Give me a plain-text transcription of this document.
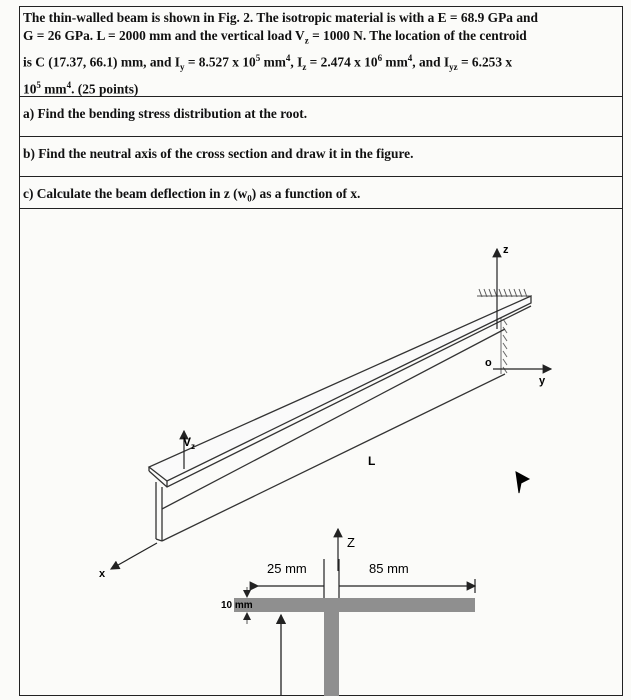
The thin-walled beam is shown in Fig. 2. The isotropic material is with a E = 68.9 GPa and
G = 26 GPa. L = 2000 mm and the vertical load $V_z = 1000$ N. The location of the centroid
is C (17.37, 66.1) mm, and $I_y = 8.527$ x $10^5$ $mm^4$, $I_z = 2.474$ x $10^6$ $mm^4$, and $I_{yz} = 6.253$ x
$10^5$ $mm^4$. (25 points)
a) Find the bending stress distribution at the root.
b) Find the neutral axis of the cross section and draw it in the figure.
c) Calculate the beam deflection in z $(w_0)$ as a function of x.
z
y
o
$V_z$
L
x
Z
25 mm	85 mm
10 mm
